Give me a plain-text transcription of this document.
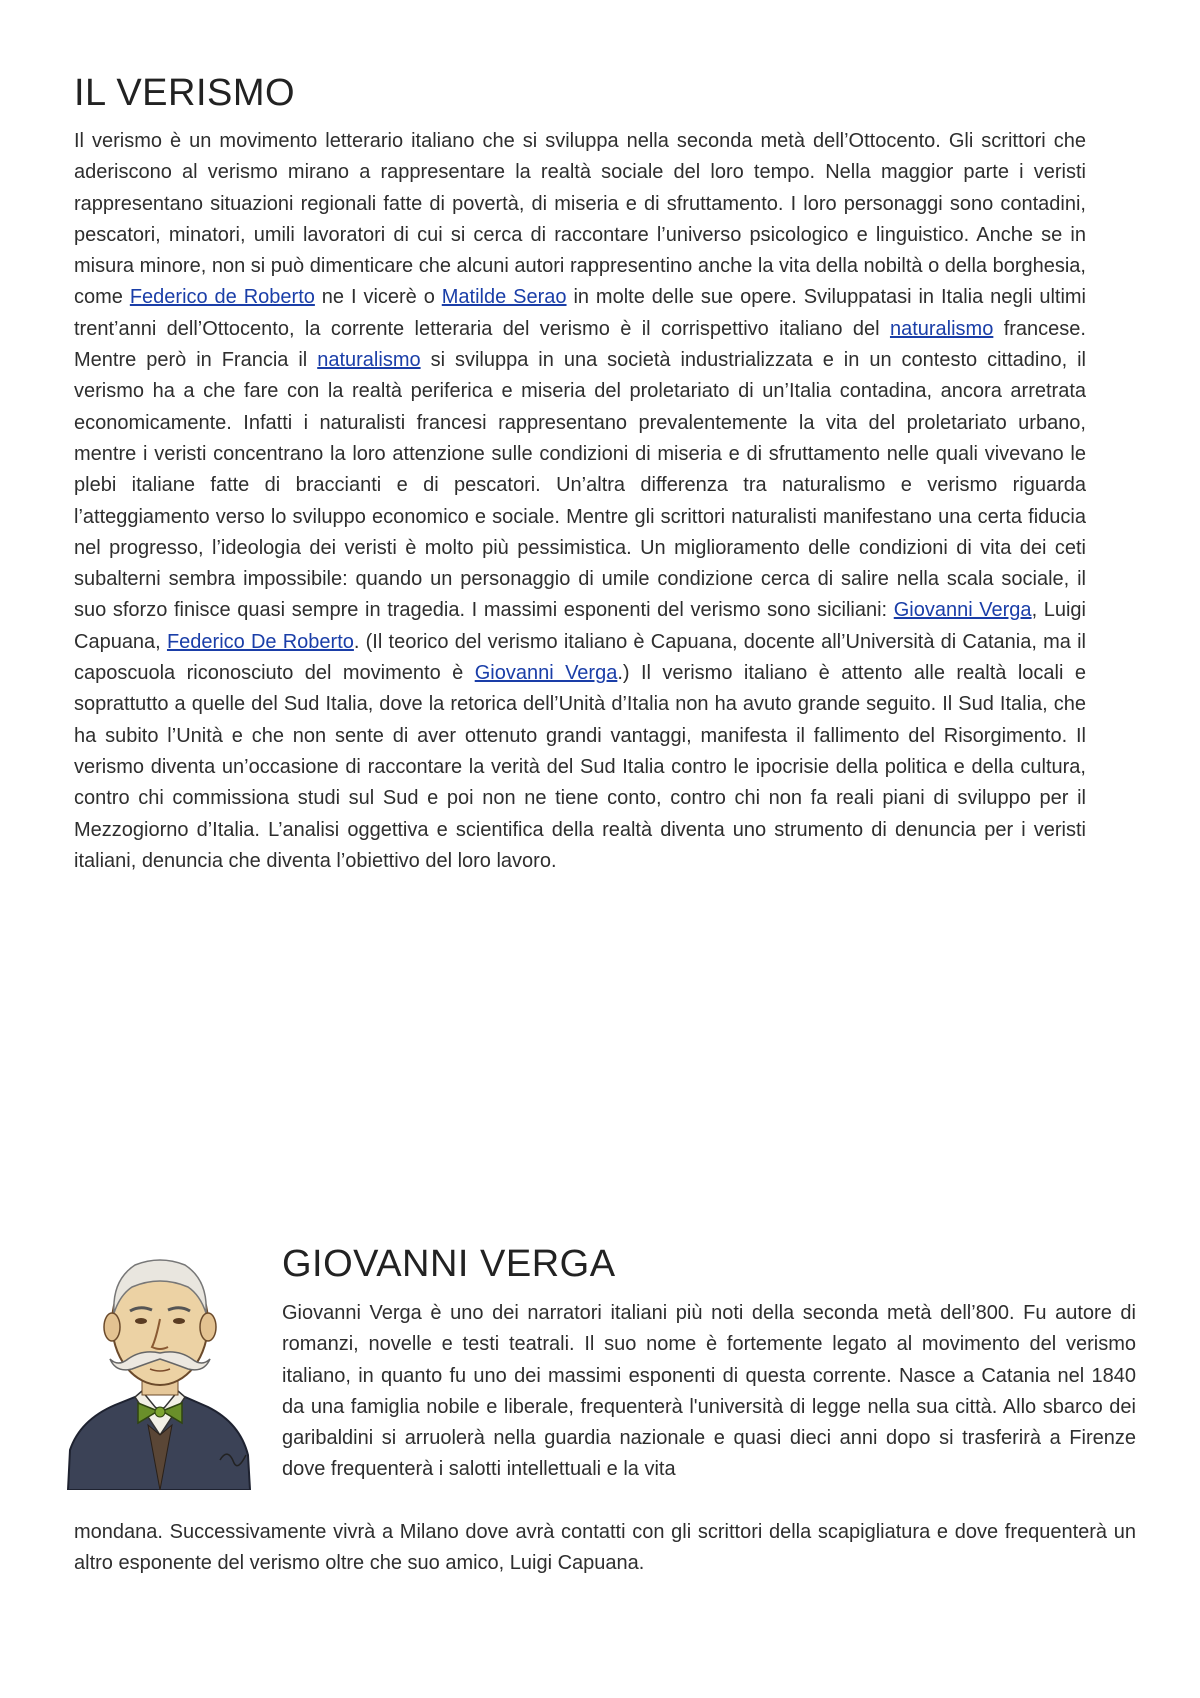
IL VERISMO

Il verismo è un movimento letterario italiano che si sviluppa nella seconda metà dell’Ottocento. Gli scrittori che aderiscono al verismo mirano a rappresentare la realtà sociale del loro tempo. Nella maggior parte i veristi rappresentano situazioni regionali fatte di povertà, di miseria e di sfruttamento. I loro personaggi sono contadini, pescatori, minatori, umili lavoratori di cui si cerca di raccontare l’universo psicologico e linguistico. Anche se in misura minore, non si può dimenticare che alcuni autori rappresentino anche la vita della nobiltà o della borghesia, come Federico de Roberto ne I vicerè o Matilde Serao in molte delle sue opere. Sviluppatasi in Italia negli ultimi trent’anni dell’Ottocento, la corrente letteraria del verismo è il corrispettivo italiano del naturalismo francese. Mentre però in Francia il naturalismo si sviluppa in una società industrializzata e in un contesto cittadino, il verismo ha a che fare con la realtà periferica e miseria del proletariato di un’Italia contadina, ancora arretrata economicamente. Infatti i naturalisti francesi rappresentano prevalentemente la vita del proletariato urbano, mentre i veristi concentrano la loro attenzione sulle condizioni di miseria e di sfruttamento nelle quali vivevano le plebi italiane fatte di braccianti e di pescatori. Un’altra differenza tra naturalismo e verismo riguarda l’atteggiamento verso lo sviluppo economico e sociale. Mentre gli scrittori naturalisti manifestano una certa fiducia nel progresso, l’ideologia dei veristi è molto più pessimistica. Un miglioramento delle condizioni di vita dei ceti subalterni sembra impossibile: quando un personaggio di umile condizione cerca di salire nella scala sociale, il suo sforzo finisce quasi sempre in tragedia. I massimi esponenti del verismo sono siciliani: Giovanni Verga, Luigi Capuana, Federico De Roberto. (Il teorico del verismo italiano è Capuana, docente all’Università di Catania, ma il caposcuola riconosciuto del movimento è Giovanni Verga.) Il verismo italiano è attento alle realtà locali e soprattutto a quelle del Sud Italia, dove la retorica dell’Unità d’Italia non ha avuto grande seguito. Il Sud Italia, che ha subito l’Unità e che non sente di aver ottenuto grandi vantaggi, manifesta il fallimento del Risorgimento. Il verismo diventa un’occasione di raccontare la verità del Sud Italia contro le ipocrisie della politica e della cultura, contro chi commissiona studi sul Sud e poi non ne tiene conto, contro chi non fa reali piani di sviluppo per il Mezzogiorno d’Italia. L’analisi oggettiva e scientifica della realtà diventa uno strumento di denuncia per i veristi italiani, denuncia che diventa l’obiettivo del loro lavoro.

GIOVANNI VERGA

Giovanni Verga è uno dei narratori italiani più noti della seconda metà dell’800. Fu autore di romanzi, novelle e testi teatrali. Il suo nome è fortemente legato al movimento del verismo italiano, in quanto fu uno dei massimi esponenti di questa corrente. Nasce a Catania nel 1840 da una famiglia nobile e liberale, frequenterà l'università di legge nella sua città. Allo sbarco dei garibaldini si arruolerà nella guardia nazionale e quasi dieci anni dopo si trasferirà a Firenze dove frequenterà i salotti intellettuali e la vita

mondana. Successivamente vivrà a Milano dove avrà contatti con gli scrittori della scapigliatura e dove frequenterà un altro esponente del verismo oltre che suo amico, Luigi Capuana.
